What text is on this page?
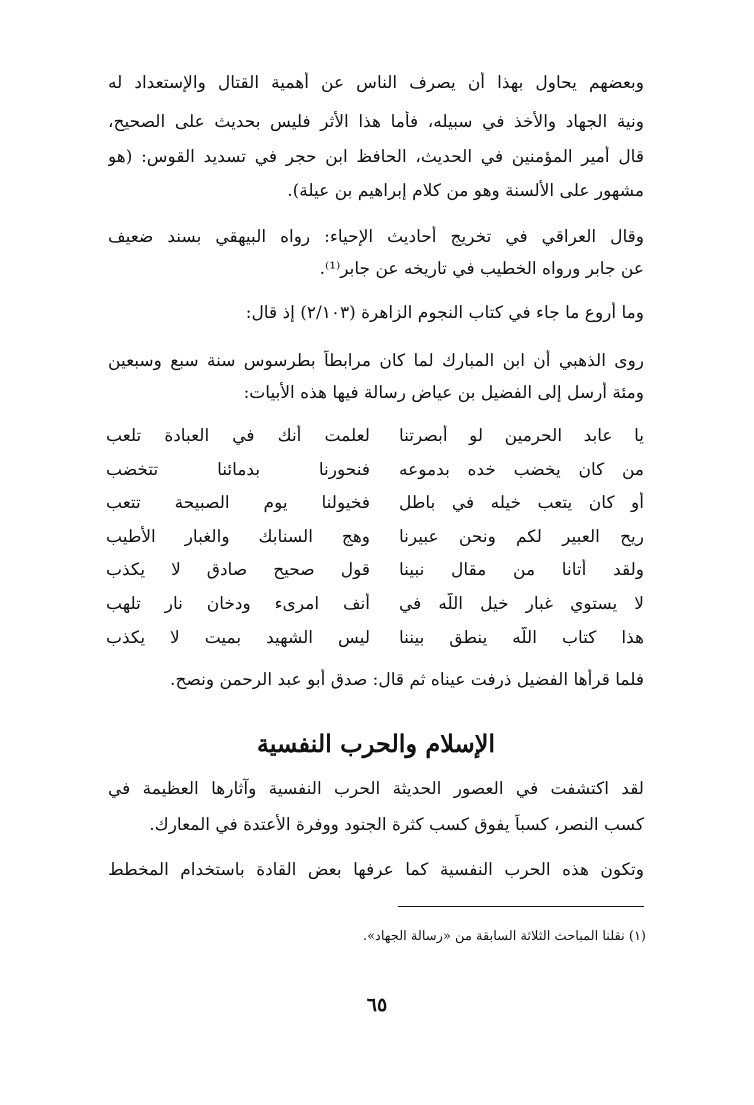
وبعضهم يحاول بهذا أن يصرف الناس عن أهمية القتال والإستعداد له
ونية الجهاد والأخذ في سبيله، فأما هذا الأثر فليس بحديث على الصحيح،
قال أمير المؤمنين في الحديث، الحافظ ابن حجر في تسديد القوس: (هو
مشهور على الألسنة وهو من كلام إبراهيم بن عيلة).
وقال العراقي في تخريج أحاديث الإحياء: رواه البيهقي بسند ضعيف
عن جابر ورواه الخطيب في تاريخه عن جابر⁽¹⁾.
وما أروع ما جاء في كتاب النجوم الزاهرة (٢/١٠٣) إذ قال:
روى الذهبي أن ابن المبارك لما كان مرابطاً بطرسوس سنة سبع وسبعين
ومئة أرسل إلى الفضيل بن عياض رسالة فيها هذه الأبيات:
يا عابد الحرمين لو أبصرتنا
لعلمت أنك في العبادة تلعب
من كان يخضب خده بدموعه
فنحورنا بدمائنا تتخضب
أو كان يتعب خيله في باطل
فخيولنا يوم الصبيحة تتعب
ريح العبير لكم ونحن عبيرنا
وهج السنابك والغبار الأطيب
ولقد أتانا من مقال نبينا
قول صحيح صادق لا يكذب
لا يستوي غبار خيل اللّه في
أنف امرىء ودخان نار تلهب
هذا كتاب اللّه ينطق بيننا
ليس الشهيد بميت لا يكذب
فلما قرأها الفضيل ذرفت عيناه ثم قال: صدق أبو عبد الرحمن ونصح.
الإسلام والحرب النفسية
لقد اكتشفت في العصور الحديثة الحرب النفسية وآثارها العظيمة في
كسب النصر، كسباً يفوق كسب كثرة الجنود ووفرة الأعتدة في المعارك.
وتكون هذه الحرب النفسية كما عرفها بعض القادة باستخدام المخطط
(١) نقلنا المباحث الثلاثة السابقة من «رسالة الجهاد».
٦٥
